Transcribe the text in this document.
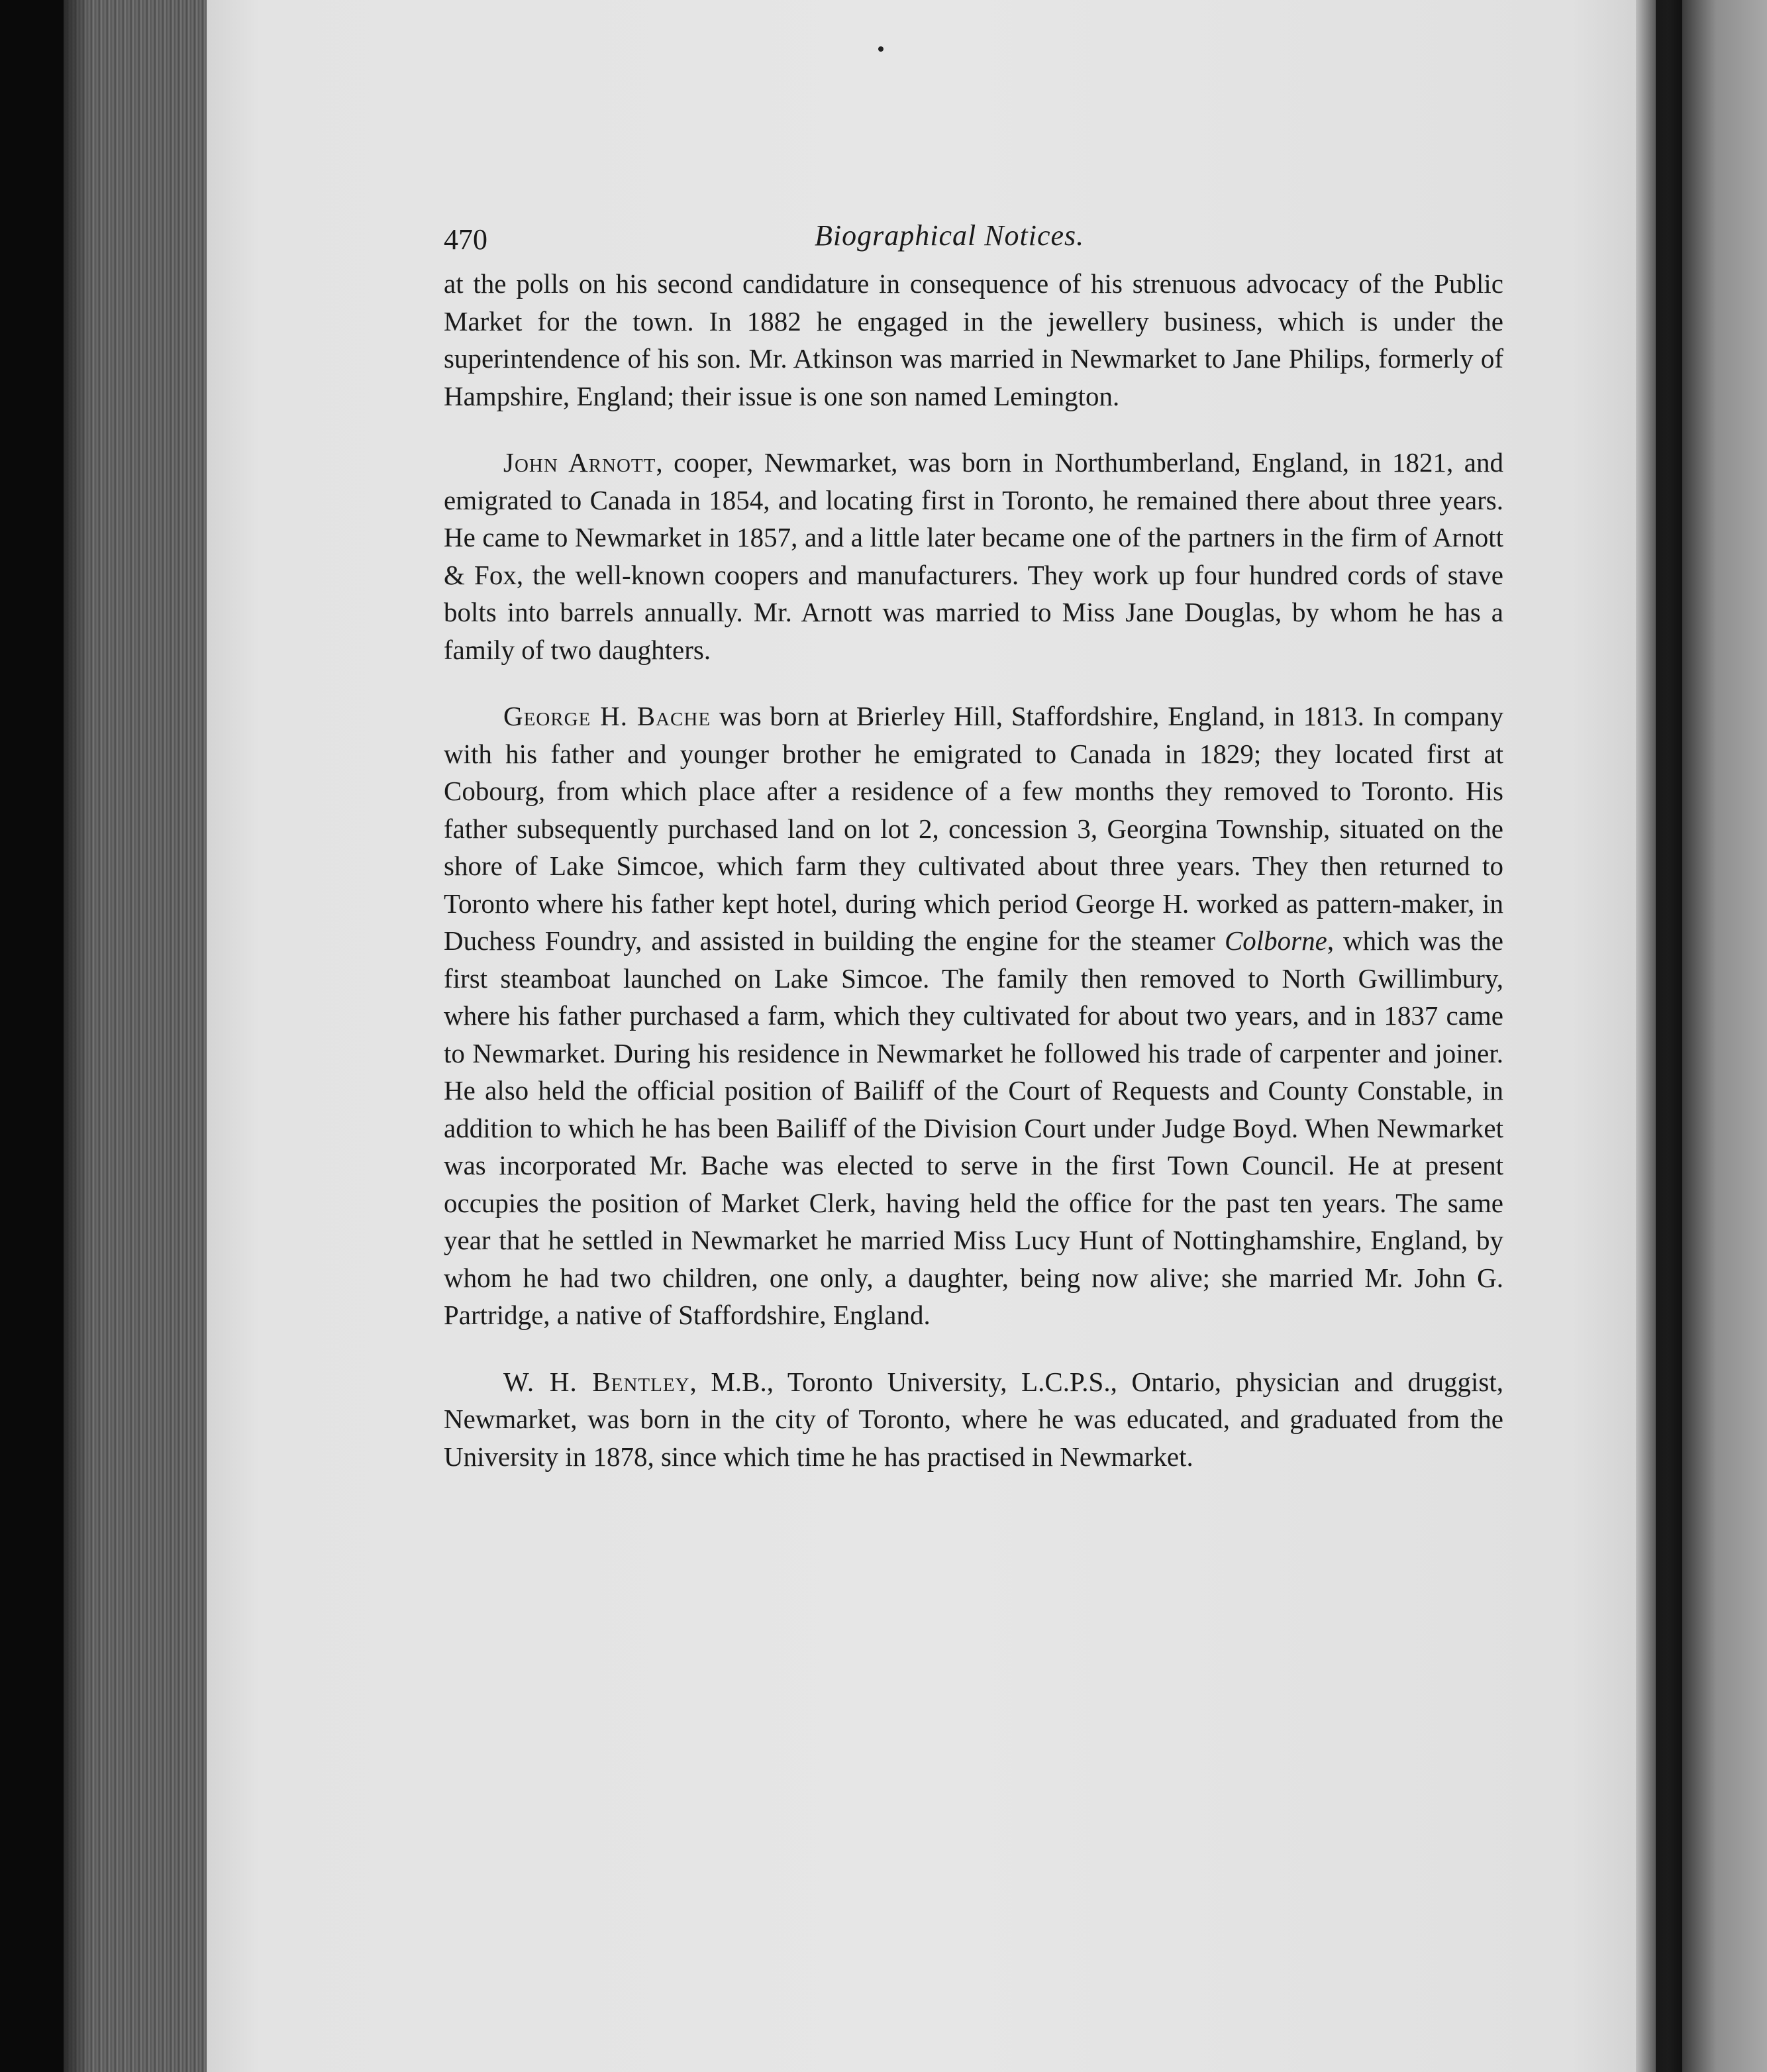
470	Biographical Notices.

at the polls on his second candidature in consequence of his strenuous advocacy of the Public Market for the town. In 1882 he engaged in the jewellery business, which is under the superintendence of his son. Mr. Atkinson was married in Newmarket to Jane Philips, formerly of Hampshire, England; their issue is one son named Lemington.

John Arnott, cooper, Newmarket, was born in Northumberland, England, in 1821, and emigrated to Canada in 1854, and locating first in Toronto, he remained there about three years. He came to Newmarket in 1857, and a little later became one of the partners in the firm of Arnott & Fox, the well-known coopers and manufacturers. They work up four hundred cords of stave bolts into barrels annually. Mr. Arnott was married to Miss Jane Douglas, by whom he has a family of two daughters.

George H. Bache was born at Brierley Hill, Staffordshire, England, in 1813. In company with his father and younger brother he emigrated to Canada in 1829; they located first at Cobourg, from which place after a residence of a few months they removed to Toronto. His father subsequently purchased land on lot 2, concession 3, Georgina Township, situated on the shore of Lake Simcoe, which farm they cultivated about three years. They then returned to Toronto where his father kept hotel, during which period George H. worked as pattern-maker, in Duchess Foundry, and assisted in building the engine for the steamer Colborne, which was the first steamboat launched on Lake Simcoe. The family then removed to North Gwillimbury, where his father purchased a farm, which they cultivated for about two years, and in 1837 came to Newmarket. During his residence in Newmarket he followed his trade of carpenter and joiner. He also held the official position of Bailiff of the Court of Requests and County Constable, in addition to which he has been Bailiff of the Division Court under Judge Boyd. When Newmarket was incorporated Mr. Bache was elected to serve in the first Town Council. He at present occupies the position of Market Clerk, having held the office for the past ten years. The same year that he settled in Newmarket he married Miss Lucy Hunt of Nottinghamshire, England, by whom he had two children, one only, a daughter, being now alive; she married Mr. John G. Partridge, a native of Staffordshire, England.

W. H. Bentley, M.B., Toronto University, L.C.P.S., Ontario, physician and druggist, Newmarket, was born in the city of Toronto, where he was educated, and graduated from the University in 1878, since which time he has practised in Newmarket.
